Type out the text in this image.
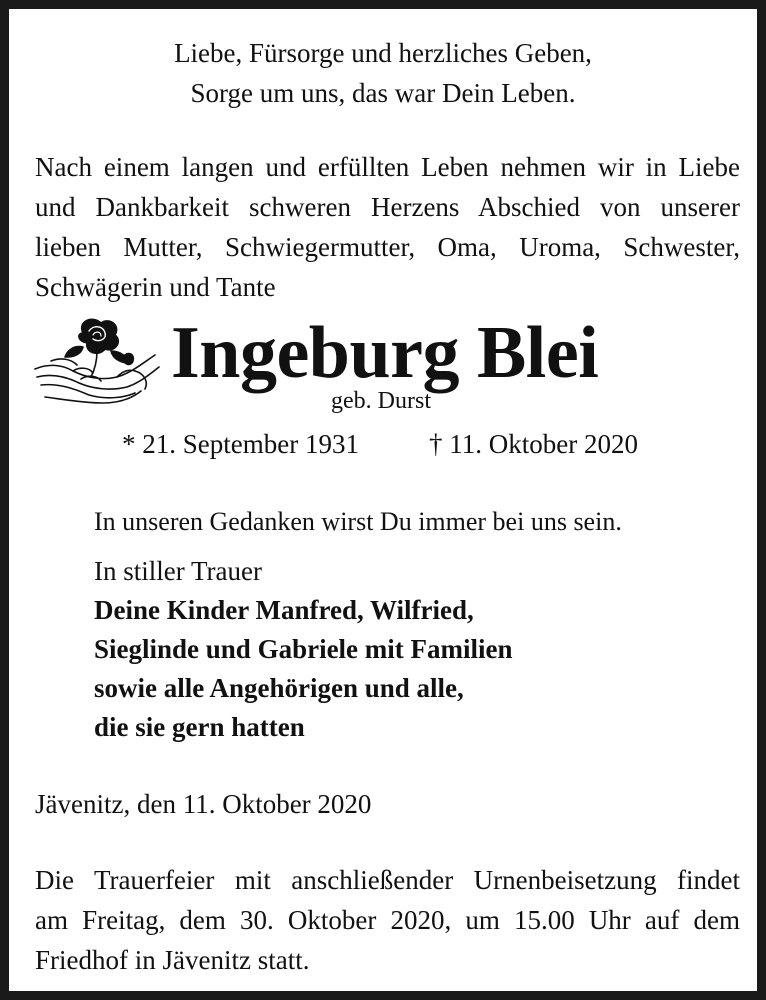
Liebe, Fürsorge und herzliches Geben,
Sorge um uns, das war Dein Leben.
Nach einem langen und erfüllten Leben nehmen wir in Liebe
und Dankbarkeit schweren Herzens Abschied von unserer
lieben Mutter, Schwiegermutter, Oma, Uroma, Schwester,
Schwägerin und Tante
Ingeburg Blei
geb. Durst
* 21. September 1931	† 11. Oktober 2020
In unseren Gedanken wirst Du immer bei uns sein.
In stiller Trauer
Deine Kinder Manfred, Wilfried,
Sieglinde und Gabriele mit Familien
sowie alle Angehörigen und alle,
die sie gern hatten
Jävenitz, den 11. Oktober 2020
Die Trauerfeier mit anschließender Urnenbeisetzung findet
am Freitag, dem 30. Oktober 2020, um 15.00 Uhr auf dem
Friedhof in Jävenitz statt.
